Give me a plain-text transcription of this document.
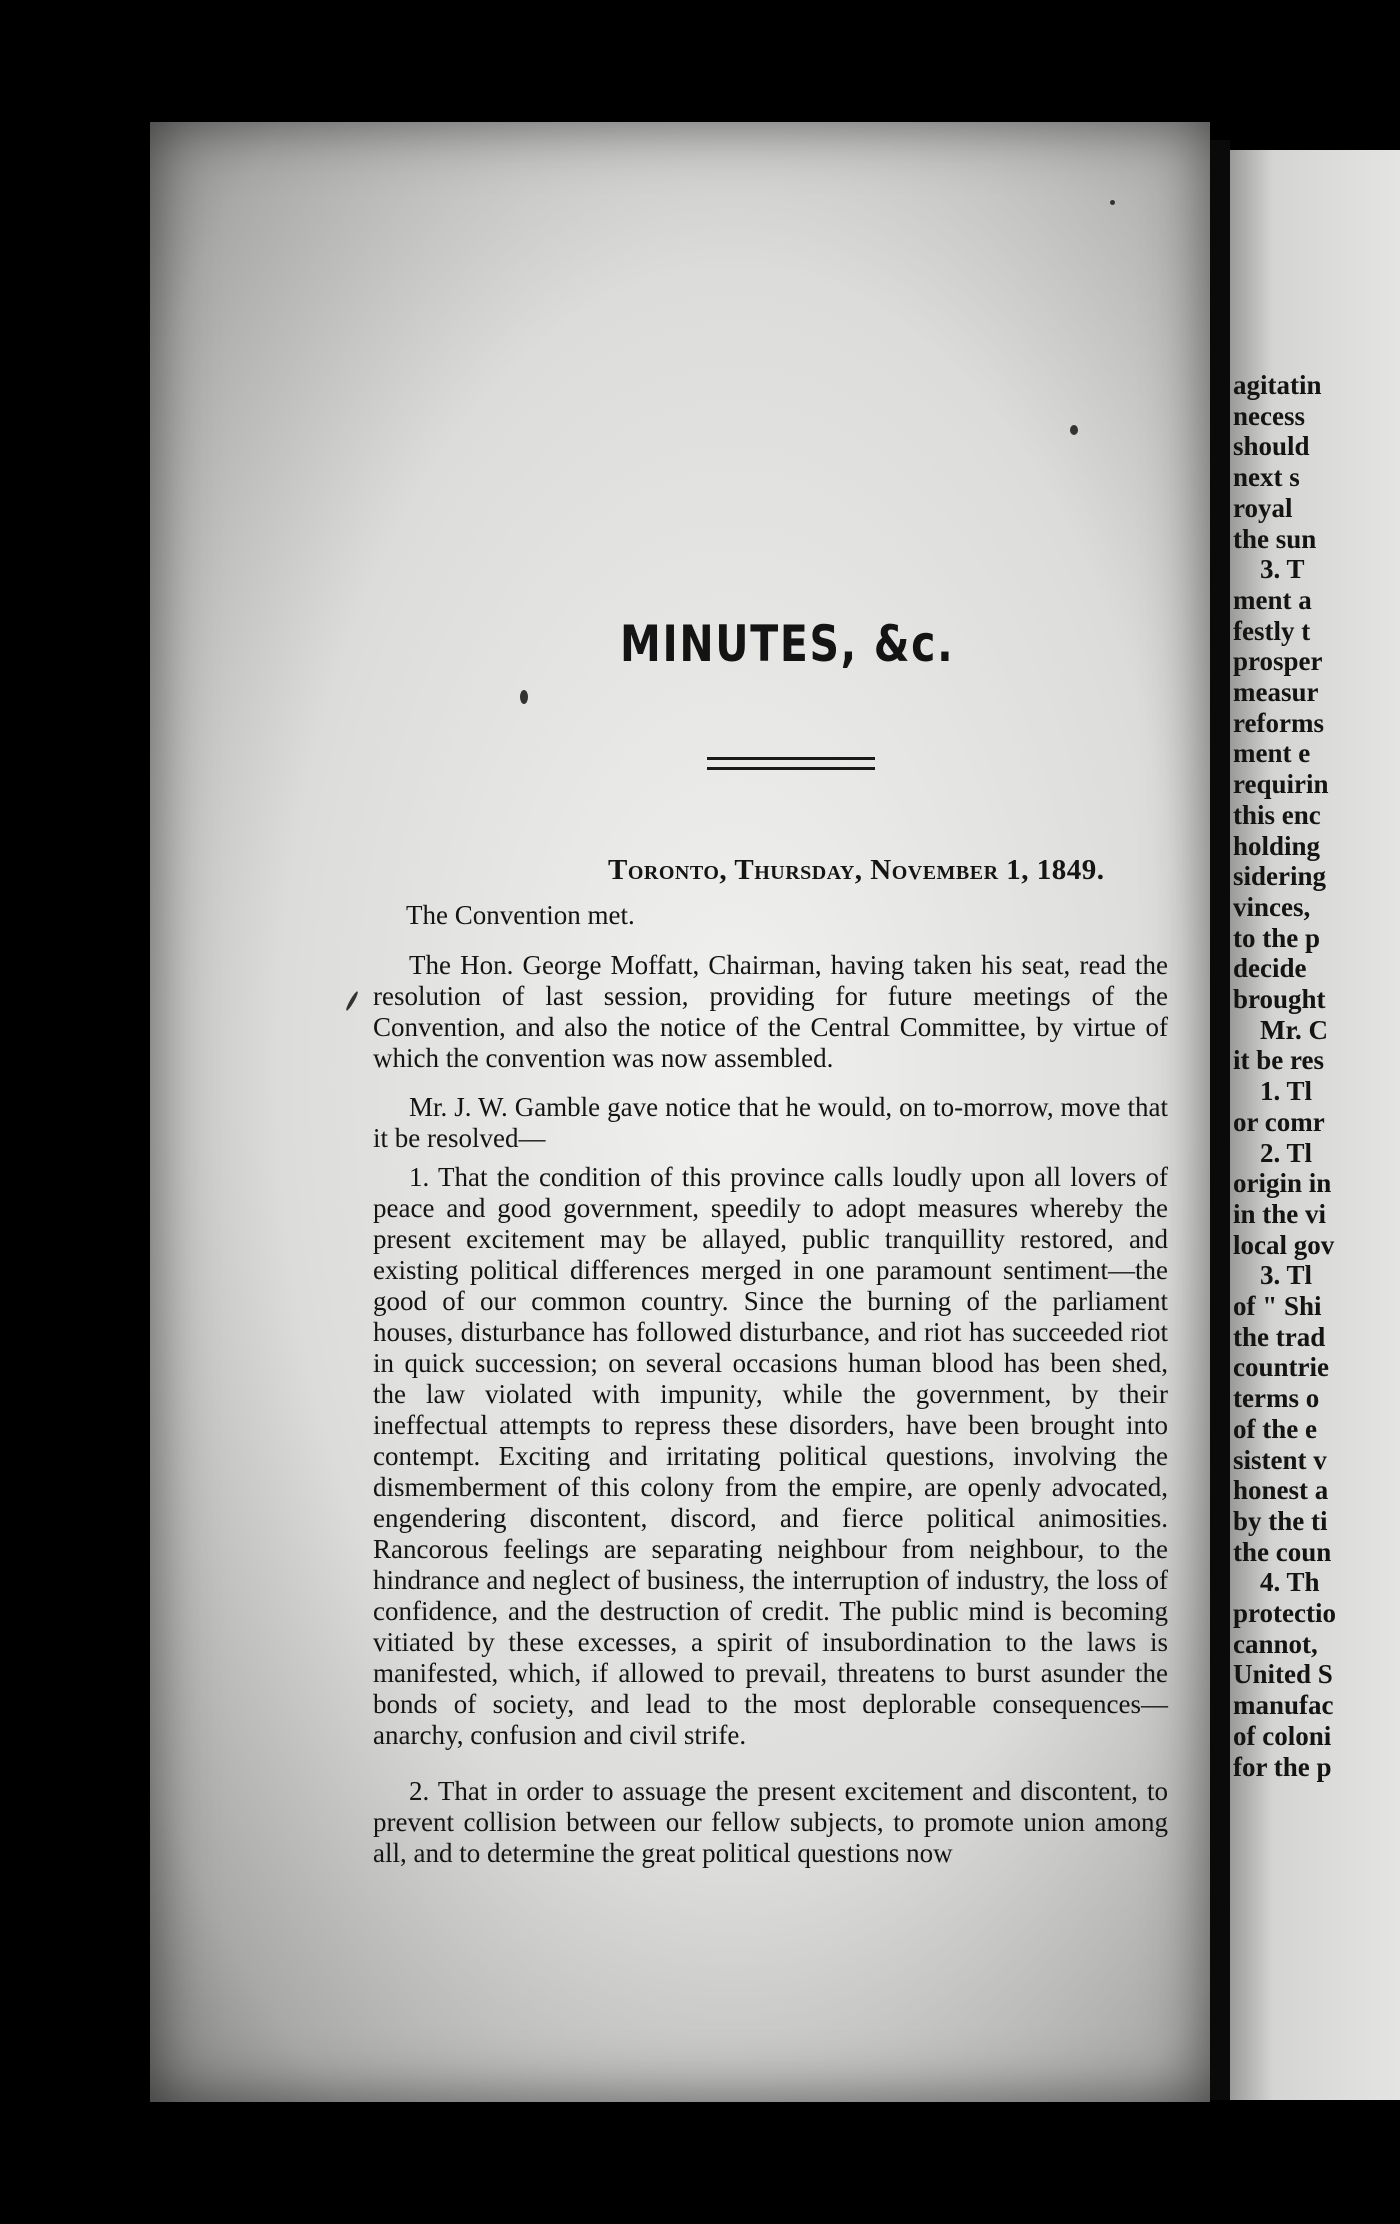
agitatin
necess
should
next s
royal
the sun
3. T
ment a
festly t
prosper
measur
reforms
ment e
requirin
this enc
holding
sidering
vinces,
to the p
decide
brought
Mr. C
it be res
1. Tl
or comr
2. Tl
origin in
in the vi
local gov
3. Tl
of " Shi
the trad
countrie
terms o
of the e
sistent v
honest a
by the ti
the coun
4. Th
protectio
cannot,
United S
manufac
of coloni
for the p
MINUTES, &c.
Toronto, Thursday, November 1, 1849.

The Convention met.

The Hon. George Moffatt, Chairman, having taken his seat, read the resolution of last session, providing for future meetings of the Convention, and also the notice of the Central Committee, by virtue of which the convention was now assembled.

Mr. J. W. Gamble gave notice that he would, on to-morrow, move that it be resolved—

1. That the condition of this province calls loudly upon all lovers of peace and good government, speedily to adopt measures whereby the present excitement may be allayed, public tranquillity restored, and existing political differences merged in one paramount sentiment—the good of our common country. Since the burning of the parliament houses, disturbance has followed disturbance, and riot has succeeded riot in quick succession; on several occasions human blood has been shed, the law violated with impunity, while the government, by their ineffectual attempts to repress these disorders, have been brought into contempt. Exciting and irritating political questions, involving the dismemberment of this colony from the empire, are openly advocated, engendering discontent, discord, and fierce political animosities. Rancorous feelings are separating neighbour from neighbour, to the hindrance and neglect of business, the interruption of industry, the loss of confidence, and the destruction of credit. The public mind is becoming vitiated by these excesses, a spirit of insubordination to the laws is manifested, which, if allowed to prevail, threatens to burst asunder the bonds of society, and lead to the most deplorable consequences—anarchy, confusion and civil strife.

2. That in order to assuage the present excitement and discontent, to prevent collision between our fellow subjects, to promote union among all, and to determine the great political questions now
